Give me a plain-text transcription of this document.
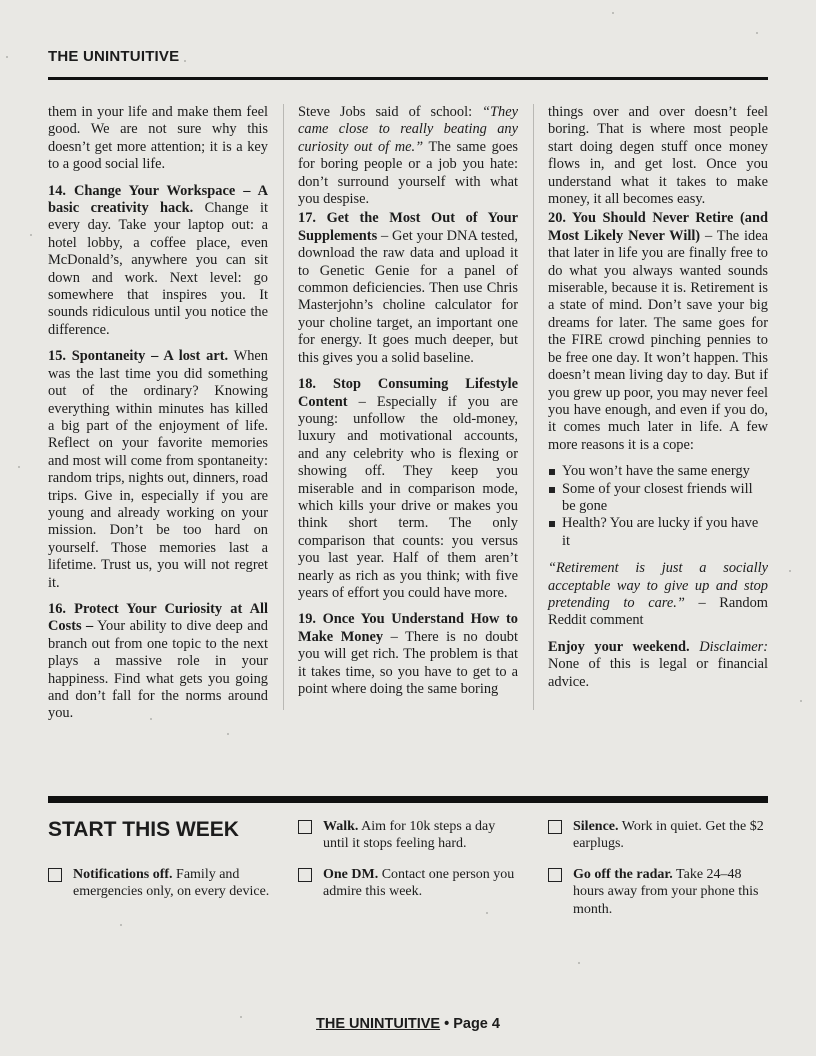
THE UNINTUITIVE

them in your life and make them feel good. We are not sure why this doesn’t get more attention; it is a key to a good social life.

14. Change Your Workspace – A basic creativity hack. Change it every day. Take your laptop out: a hotel lobby, a coffee place, even McDonald’s, anywhere you can sit down and work. Next level: go somewhere that inspires you. It sounds ridiculous until you notice the difference.

15. Spontaneity – A lost art. When was the last time you did something out of the ordinary? Knowing everything within minutes has killed a big part of the enjoyment of life. Reflect on your favorite memories and most will come from spontaneity: random trips, nights out, dinners, road trips. Give in, especially if you are young and already working on your mission. Don’t be too hard on yourself. Those memories last a lifetime. Trust us, you will not regret it.

16. Protect Your Curiosity at All Costs – Your ability to dive deep and branch out from one topic to the next plays a massive role in your happiness. Find what gets you going and don’t fall for the norms around you.

Steve Jobs said of school: “They came close to really beating any curiosity out of me.” The same goes for boring people or a job you hate: don’t surround yourself with what you despise.

17. Get the Most Out of Your Supplements – Get your DNA tested, download the raw data and upload it to Genetic Genie for a panel of common deficiencies. Then use Chris Masterjohn’s choline calculator for your choline target, an important one for energy. It goes much deeper, but this gives you a solid baseline.

18. Stop Consuming Lifestyle Content – Especially if you are young: unfollow the old-money, luxury and motivational accounts, and any celebrity who is flexing or showing off. They keep you miserable and in comparison mode, which kills your drive or makes you think short term. The only comparison that counts: you versus you last year. Half of them aren’t nearly as rich as you think; with five years of effort you could have more.

19. Once You Understand How to Make Money – There is no doubt you will get rich. The problem is that it takes time, so you have to get to a point where doing the same boring

things over and over doesn’t feel boring. That is where most people start doing degen stuff once money flows in, and get lost. Once you understand what it takes to make money, it all becomes easy.

20. You Should Never Retire (and Most Likely Never Will) – The idea that later in life you are finally free to do what you always wanted sounds miserable, because it is. Retirement is a state of mind. Don’t save your big dreams for later. The same goes for the FIRE crowd pinching pennies to be free one day. It won’t happen. This doesn’t mean living day to day. But if you grew up poor, you may never feel you have enough, and even if you do, it comes much later in life. A few more reasons it is a cope:

You won’t have the same energy
Some of your closest friends will be gone
Health? You are lucky if you have it

“Retirement is just a socially acceptable way to give up and stop pretending to care.” – Random Reddit comment

Enjoy your weekend. Disclaimer: None of this is legal or financial advice.

START THIS WEEK
Notifications off. Family and emergencies only, on every device.
Walk. Aim for 10k steps a day until it stops feeling hard.
One DM. Contact one person you admire this week.
Silence. Work in quiet. Get the $2 earplugs.
Go off the radar. Take 24–48 hours away from your phone this month.
THE UNINTUITIVE • Page 4
